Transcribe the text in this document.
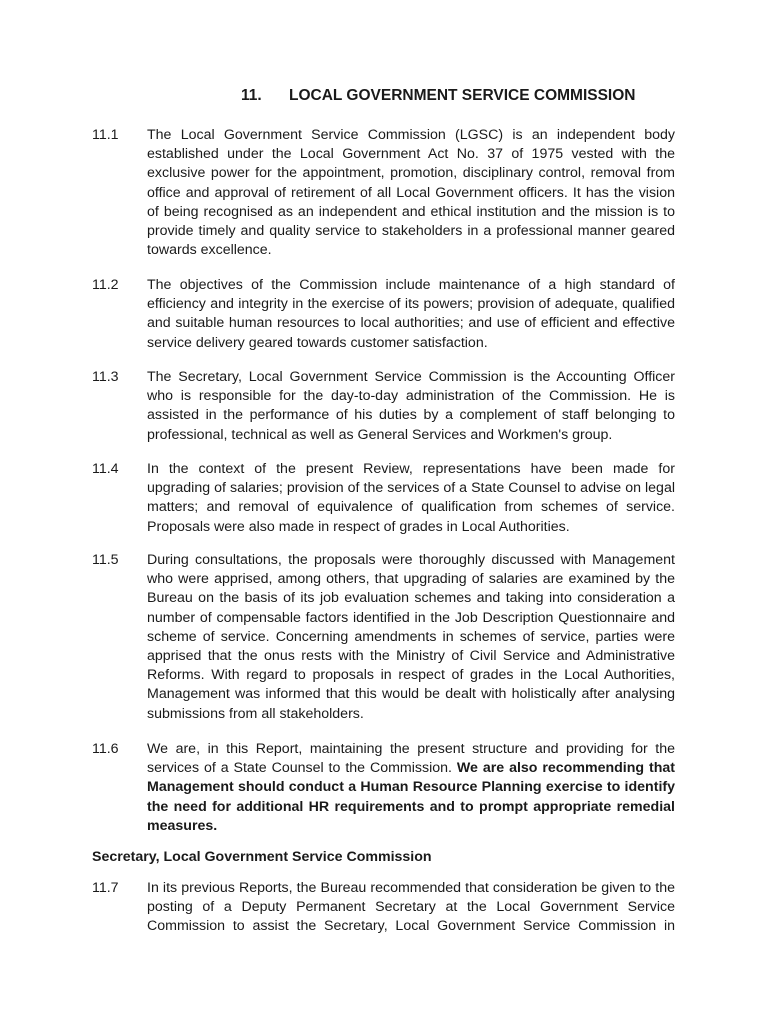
11. LOCAL GOVERNMENT SERVICE COMMISSION
11.1 The Local Government Service Commission (LGSC) is an independent body established under the Local Government Act No. 37 of 1975 vested with the exclusive power for the appointment, promotion, disciplinary control, removal from office and approval of retirement of all Local Government officers. It has the vision of being recognised as an independent and ethical institution and the mission is to provide timely and quality service to stakeholders in a professional manner geared towards excellence.
11.2 The objectives of the Commission include maintenance of a high standard of efficiency and integrity in the exercise of its powers; provision of adequate, qualified and suitable human resources to local authorities; and use of efficient and effective service delivery geared towards customer satisfaction.
11.3 The Secretary, Local Government Service Commission is the Accounting Officer who is responsible for the day-to-day administration of the Commission. He is assisted in the performance of his duties by a complement of staff belonging to professional, technical as well as General Services and Workmen's group.
11.4 In the context of the present Review, representations have been made for upgrading of salaries; provision of the services of a State Counsel to advise on legal matters; and removal of equivalence of qualification from schemes of service. Proposals were also made in respect of grades in Local Authorities.
11.5 During consultations, the proposals were thoroughly discussed with Management who were apprised, among others, that upgrading of salaries are examined by the Bureau on the basis of its job evaluation schemes and taking into consideration a number of compensable factors identified in the Job Description Questionnaire and scheme of service. Concerning amendments in schemes of service, parties were apprised that the onus rests with the Ministry of Civil Service and Administrative Reforms. With regard to proposals in respect of grades in the Local Authorities, Management was informed that this would be dealt with holistically after analysing submissions from all stakeholders.
11.6 We are, in this Report, maintaining the present structure and providing for the services of a State Counsel to the Commission. We are also recommending that Management should conduct a Human Resource Planning exercise to identify the need for additional HR requirements and to prompt appropriate remedial measures.
Secretary, Local Government Service Commission
11.7 In its previous Reports, the Bureau recommended that consideration be given to the posting of a Deputy Permanent Secretary at the Local Government Service Commission to assist the Secretary, Local Government Service Commission in
